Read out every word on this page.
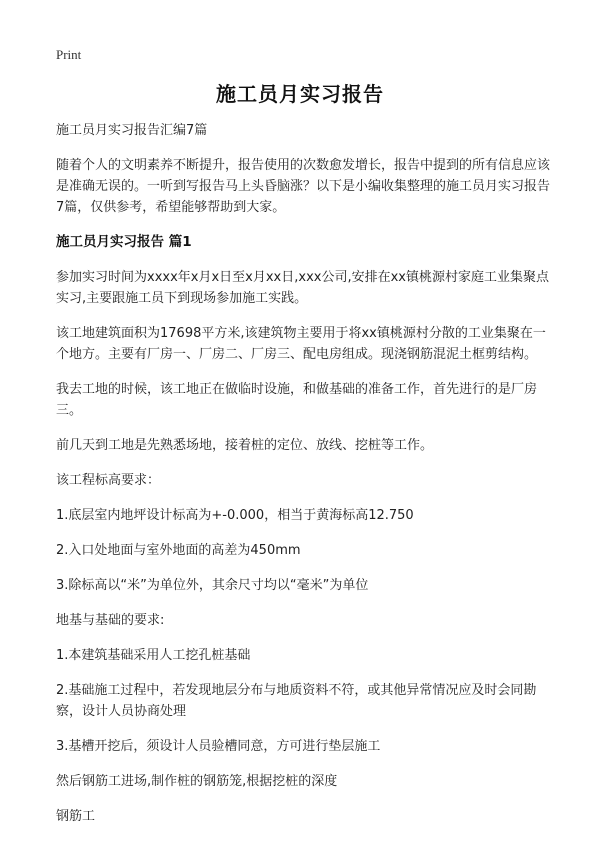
Print
施工员月实习报告

施工员月实习报告汇编7篇

随着个人的文明素养不断提升，报告使用的次数愈发增长，报告中提到的所有信息应该是准确无误的。一听到写报告马上头昏脑涨？以下是小编收集整理的施工员月实习报告7篇，仅供参考，希望能够帮助到大家。

施工员月实习报告 篇1

参加实习时间为xxxx年x月x日至x月xx日,xxx公司,安排在xx镇桃源村家庭工业集聚点实习,主要跟施工员下到现场参加施工实践。

该工地建筑面积为17698平方米,该建筑物主要用于将xx镇桃源村分散的工业集聚在一个地方。主要有厂房一、厂房二、厂房三、配电房组成。现浇钢筋混泥土框剪结构。

我去工地的时候，该工地正在做临时设施，和做基础的准备工作，首先进行的是厂房三。

前几天到工地是先熟悉场地，接着桩的定位、放线、挖桩等工作。

该工程标高要求：

1.底层室内地坪设计标高为+-0.000，相当于黄海标高12.750

2.入口处地面与室外地面的高差为450mm

3.除标高以“米”为单位外，其余尺寸均以“毫米”为单位

地基与基础的要求:

1.本建筑基础采用人工挖孔桩基础

2.基础施工过程中，若发现地层分布与地质资料不符，或其他异常情况应及时会同勘察，设计人员协商处理

3.基槽开挖后，须设计人员验槽同意，方可进行垫层施工

然后钢筋工进场,制作桩的钢筋笼,根据挖桩的深度

钢筋工
